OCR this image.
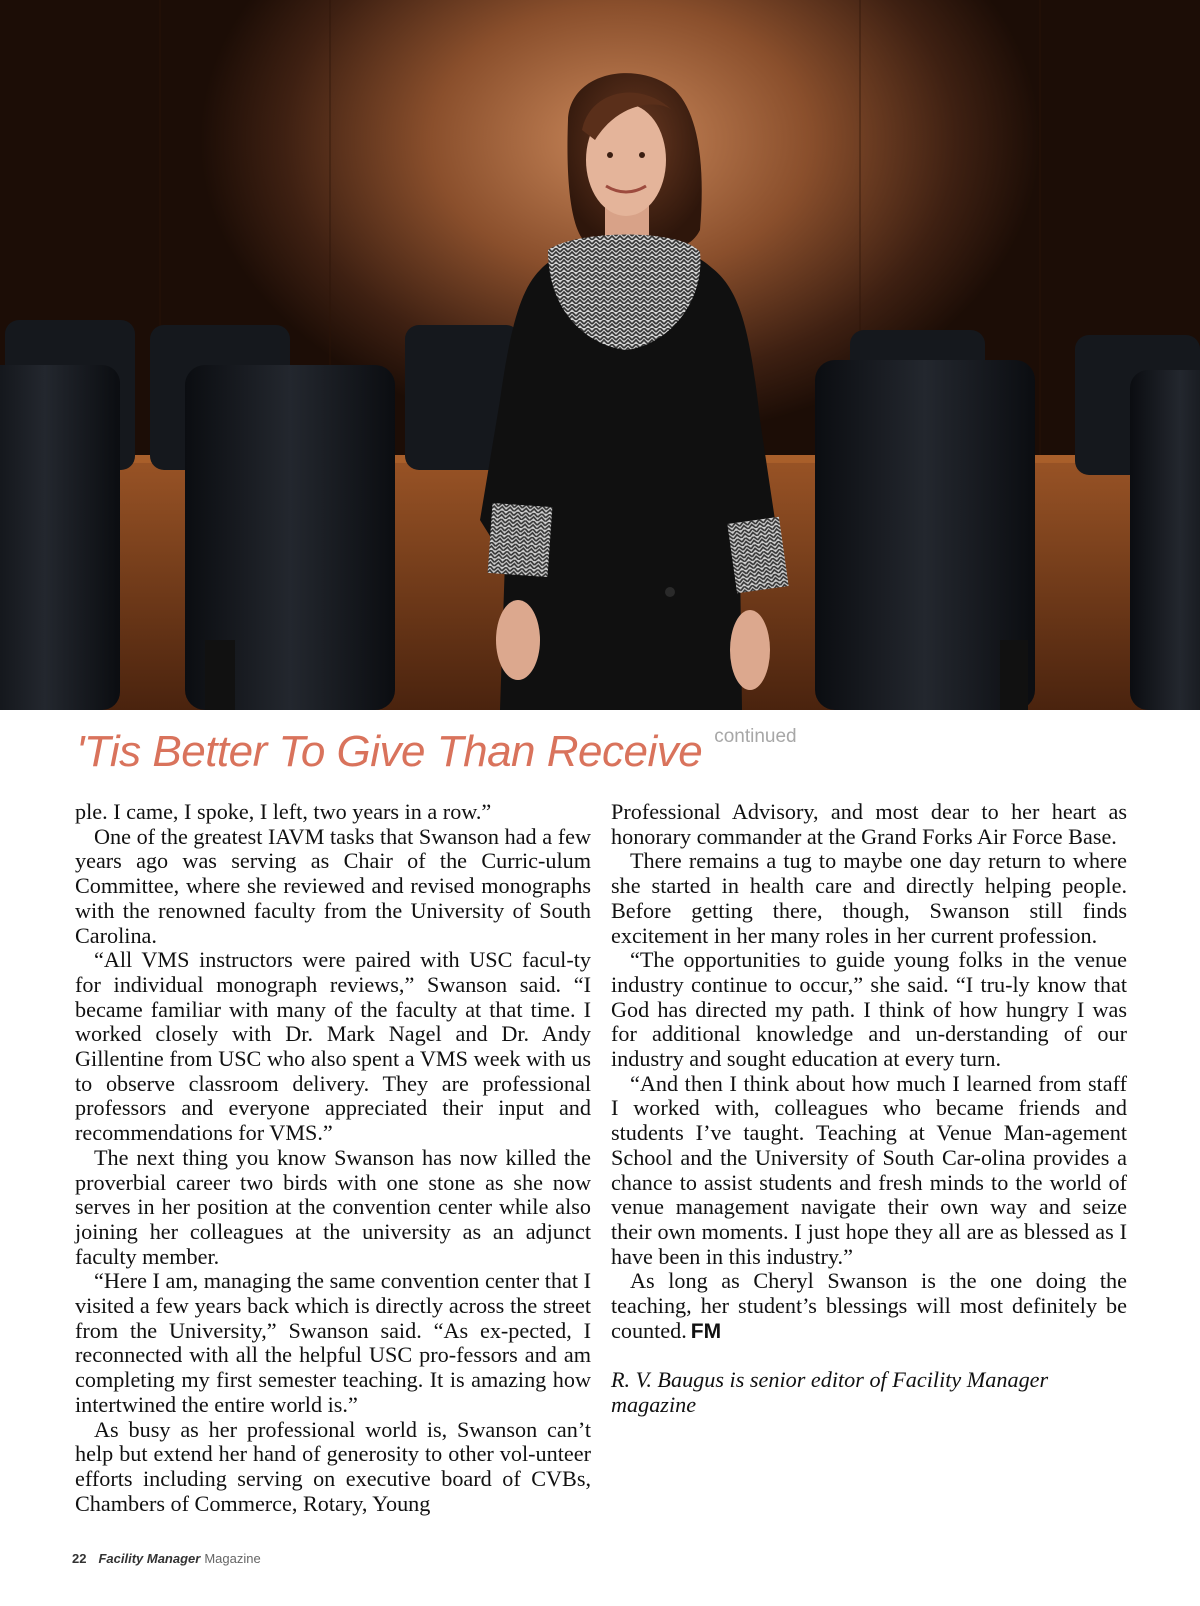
'Tis Better To Give Than Receive continued

ple. I came, I spoke, I left, two years in a row.”

One of the greatest IAVM tasks that Swanson had a few years ago was serving as Chair of the Curric-ulum Committee, where she reviewed and revised monographs with the renowned faculty from the University of South Carolina.

“All VMS instructors were paired with USC facul-ty for individual monograph reviews,” Swanson said. “I became familiar with many of the faculty at that time. I worked closely with Dr. Mark Nagel and Dr. Andy Gillentine from USC who also spent a VMS week with us to observe classroom delivery. They are professional professors and everyone appreciated their input and recommendations for VMS.”

The next thing you know Swanson has now killed the proverbial career two birds with one stone as she now serves in her position at the convention center while also joining her colleagues at the university as an adjunct faculty member.

“Here I am, managing the same convention center that I visited a few years back which is directly across the street from the University,” Swanson said. “As ex-pected, I reconnected with all the helpful USC pro-fessors and am completing my first semester teaching. It is amazing how intertwined the entire world is.”

As busy as her professional world is, Swanson can’t help but extend her hand of generosity to other vol-unteer efforts including serving on executive board of CVBs, Chambers of Commerce, Rotary, Young

Professional Advisory, and most dear to her heart as honorary commander at the Grand Forks Air Force Base.

There remains a tug to maybe one day return to where she started in health care and directly helping people. Before getting there, though, Swanson still finds excitement in her many roles in her current profession.

“The opportunities to guide young folks in the venue industry continue to occur,” she said. “I tru-ly know that God has directed my path. I think of how hungry I was for additional knowledge and un-derstanding of our industry and sought education at every turn.

“And then I think about how much I learned from staff I worked with, colleagues who became friends and students I’ve taught. Teaching at Venue Man-agement School and the University of South Car-olina provides a chance to assist students and fresh minds to the world of venue management navigate their own way and seize their own moments. I just hope they all are as blessed as I have been in this industry.”

As long as Cheryl Swanson is the one doing the teaching, her student’s blessings will most definitely be counted. FM

R. V. Baugus is senior editor of Facility Manager magazine

22 Facility Manager Magazine
